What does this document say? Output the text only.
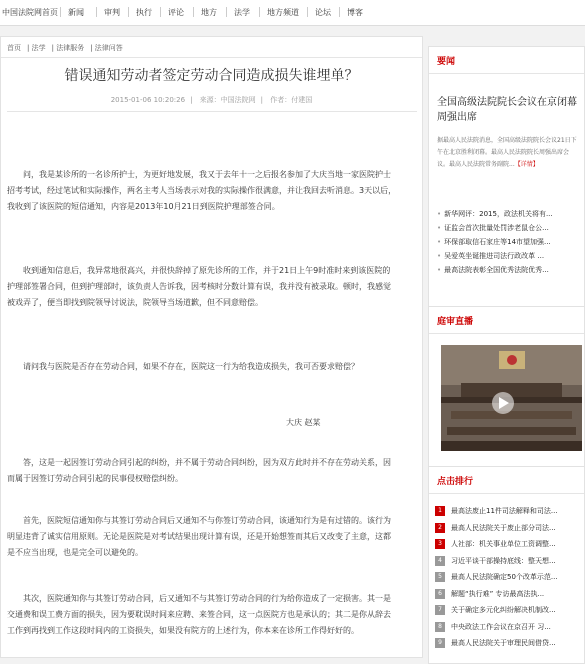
中国法院网首页 新闻	审判 执行 评论 地方 法学 地方频道 论坛 博客
首页 | 法学 | 法律服务 | 法律问答
错误通知劳动者签定劳动合同造成损失谁埋单？
2015-01-06 10:20:26 | 来源：中国法院网 | 作者：付建国
　　问，我是某诊所的一名诊所护士，为更好地发展，我又于去年十一之后报名参加了大庆当地一家医院护士招考考试，经过笔试和实际操作，两名主考人当场表示对我的实际操作很满意，并让我回去听消息。3天以后，我收到了该医院的短信通知，内容是2013年10月21日到医院护理部签合同。
　　收到通知信息后，我异常地很高兴，并很快辞掉了原先诊所的工作，并于21日上午9时准时来到该医院的护理部签署合同，但到护理部时，该负责人告诉我，因考核时分数计算有误，我并没有被录取。顿时，我感觉被戏弄了，便当即找到院领导讨说法，院领导当场道歉，但不同意赔偿。
　　请问我与医院是否存在劳动合同，如果不存在，医院这一行为给我造成损失，我可否要求赔偿？
大庆 赵某
　　答，这是一起因签订劳动合同引起的纠纷，并不属于劳动合同纠纷，因为双方此时并不存在劳动关系，因而属于因签订劳动合同引起的民事侵权赔偿纠纷。
　　首先，医院短信通知你与其签订劳动合同后又通知不与你签订劳动合同，该通知行为是有过错的。该行为明显违背了诚实信用原则。无论是医院是对考试结果出现计算有误，还是开始想签而其后又改变了主意，这都是不应当出现，也是完全可以避免的。
　　其次，医院通知你与其签订劳动合同，后又通知不与其签订劳动合同的行为给你造成了一定损害。其一是交通费和误工费方面的损失，因为要耽误时间来应聘、来签合同，这一点医院方也是承认的；其二是你从辞去工作到再找到工作这段时间内的工资损失，如果没有院方的上述行为，你本来在诊所工作得好好的。
要闻
全国高级法院院长会议在京闭幕 周强出席
据最高人民法院消息，全国高级法院院长会议21日下午在北京胜利闭幕。最高人民法院院长周强出席会议。最高人民法院常务副院...【详情】
• 新华网评：2015，政法机关将有...
• 证监会首次批量处罚涉老鼠仓公...
• 环保部取信石家庄等14市望加强...
• 吴爱英坐诞推进司法行政改革 ...
• 最高法院表彰全国优秀法院优秀...
庭审直播
点击排行
1 最高法废止11件司法解释和司法...
2 最高人民法院关于废止部分司法...
3 人社部：机关事业单位工资调整...
4 习近平谈干部操持底线：整天想...
5 最高人民法院确定50个改革示范...
6 解题“执行难” 专访最高法执...
7 关于确定多元化纠纷解决机制改...
8 中央政法工作会议在京召开 习...
9 最高人民法院关于审理民间借贷...
